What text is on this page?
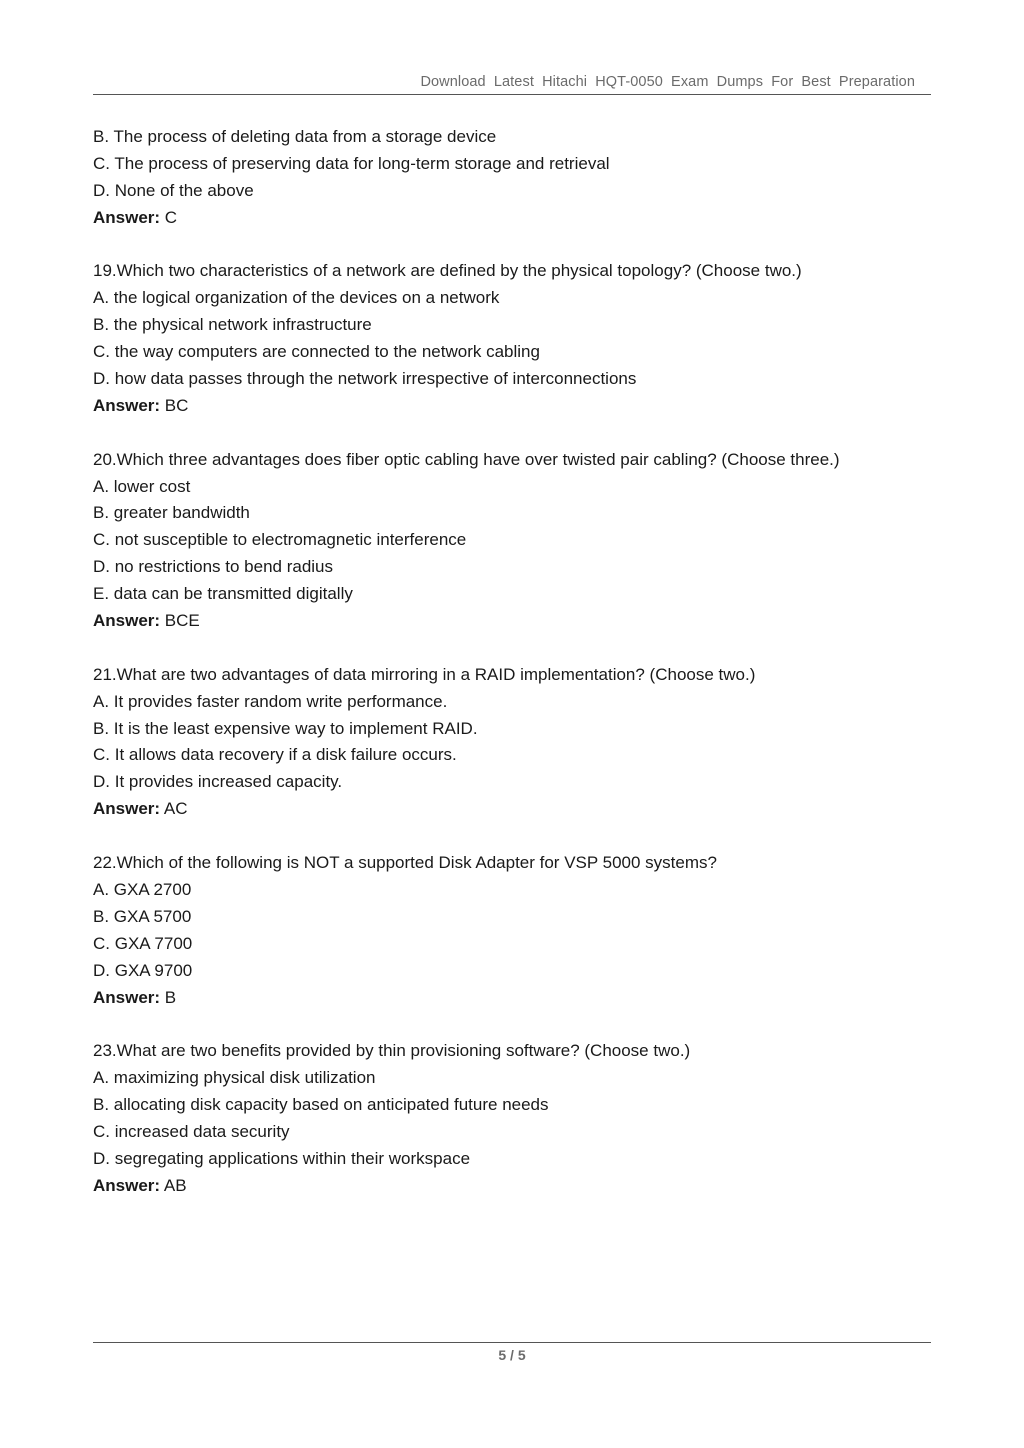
Download Latest Hitachi HQT-0050 Exam Dumps For Best Preparation
B. The process of deleting data from a storage device
C. The process of preserving data for long-term storage and retrieval
D. None of the above
Answer: C
19.Which two characteristics of a network are defined by the physical topology? (Choose two.)
A. the logical organization of the devices on a network
B. the physical network infrastructure
C. the way computers are connected to the network cabling
D. how data passes through the network irrespective of interconnections
Answer: BC
20.Which three advantages does fiber optic cabling have over twisted pair cabling? (Choose three.)
A. lower cost
B. greater bandwidth
C. not susceptible to electromagnetic interference
D. no restrictions to bend radius
E. data can be transmitted digitally
Answer: BCE
21.What are two advantages of data mirroring in a RAID implementation? (Choose two.)
A. It provides faster random write performance.
B. It is the least expensive way to implement RAID.
C. It allows data recovery if a disk failure occurs.
D. It provides increased capacity.
Answer: AC
22.Which of the following is NOT a supported Disk Adapter for VSP 5000 systems?
A. GXA 2700
B. GXA 5700
C. GXA 7700
D. GXA 9700
Answer: B
23.What are two benefits provided by thin provisioning software? (Choose two.)
A. maximizing physical disk utilization
B. allocating disk capacity based on anticipated future needs
C. increased data security
D. segregating applications within their workspace
Answer: AB
5 / 5
